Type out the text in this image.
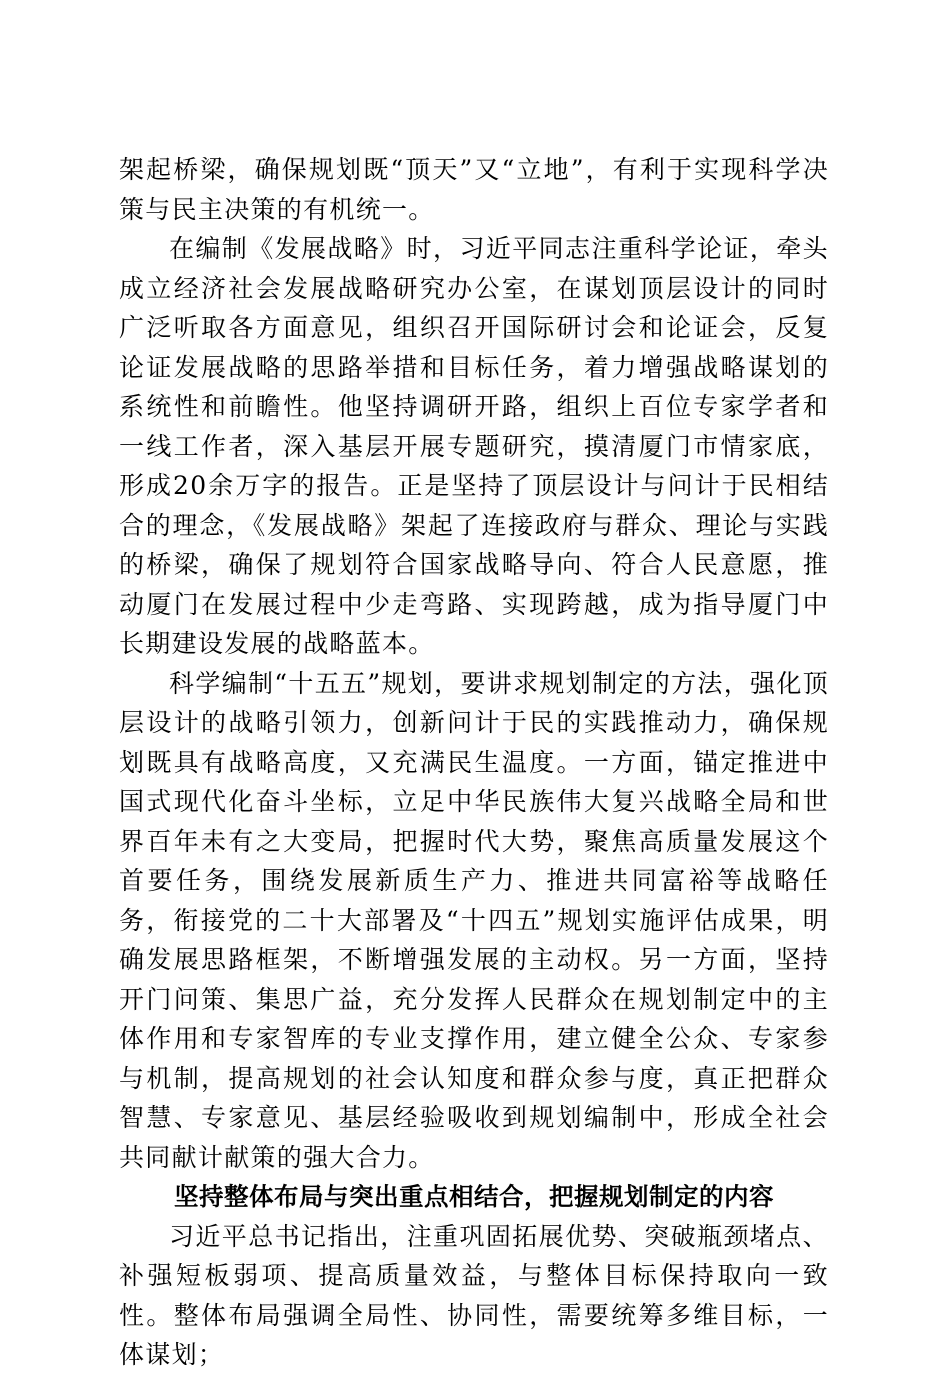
架起桥梁，确保规划既“顶天”又“立地”，有利于实现科学决策与民主决策的有机统一。

在编制《发展战略》时，习近平同志注重科学论证，牵头成立经济社会发展战略研究办公室，在谋划顶层设计的同时广泛听取各方面意见，组织召开国际研讨会和论证会，反复论证发展战略的思路举措和目标任务，着力增强战略谋划的系统性和前瞻性。他坚持调研开路，组织上百位专家学者和一线工作者，深入基层开展专题研究，摸清厦门市情家底，形成20余万字的报告。正是坚持了顶层设计与问计于民相结合的理念，《发展战略》架起了连接政府与群众、理论与实践的桥梁，确保了规划符合国家战略导向、符合人民意愿，推动厦门在发展过程中少走弯路、实现跨越，成为指导厦门中长期建设发展的战略蓝本。

科学编制“十五五”规划，要讲求规划制定的方法，强化顶层设计的战略引领力，创新问计于民的实践推动力，确保规划既具有战略高度，又充满民生温度。一方面，锚定推进中国式现代化奋斗坐标，立足中华民族伟大复兴战略全局和世界百年未有之大变局，把握时代大势，聚焦高质量发展这个首要任务，围绕发展新质生产力、推进共同富裕等战略任务，衔接党的二十大部署及“十四五”规划实施评估成果，明确发展思路框架，不断增强发展的主动权。另一方面，坚持开门问策、集思广益，充分发挥人民群众在规划制定中的主体作用和专家智库的专业支撑作用，建立健全公众、专家参与机制，提高规划的社会认知度和群众参与度，真正把群众智慧、专家意见、基层经验吸收到规划编制中，形成全社会共同献计献策的强大合力。

坚持整体布局与突出重点相结合，把握规划制定的内容

习近平总书记指出，注重巩固拓展优势、突破瓶颈堵点、补强短板弱项、提高质量效益，与整体目标保持取向一致性。整体布局强调全局性、协同性，需要统筹多维目标，一体谋划；
